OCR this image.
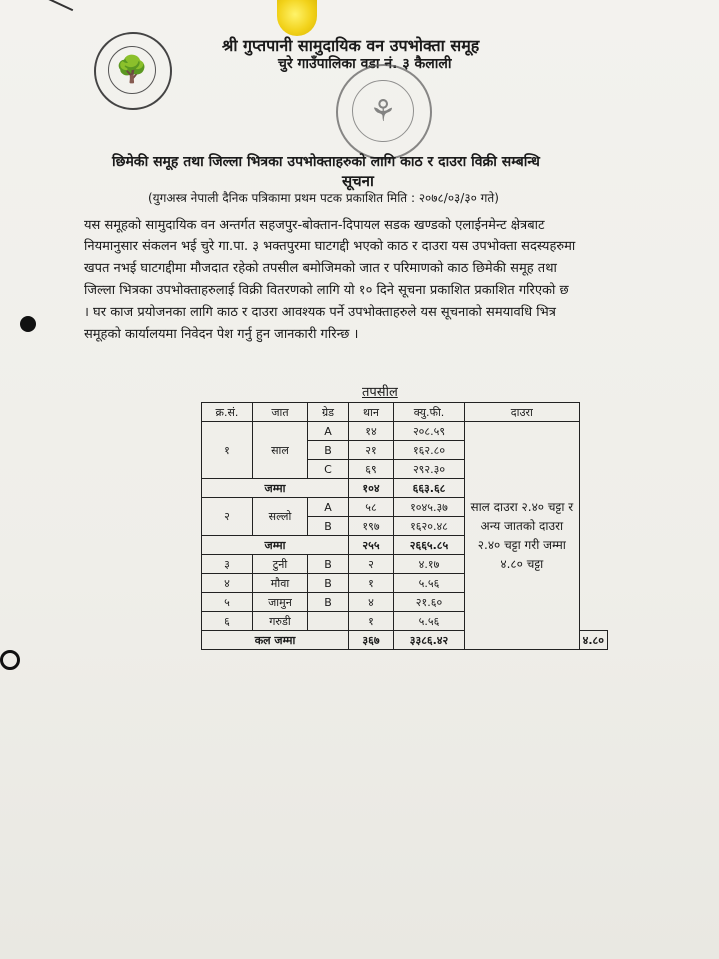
🌳
श्री गुप्तपानी सामुदायिक वन उपभोक्ता समूह
चुरे गाउँपालिका वडा नं. ३ कैलाली
⚘
छिमेकी समूह तथा जिल्ला भित्रका उपभोक्ताहरुको लागि काठ र दाउरा विक्री सम्बन्धि
सूचना
(युगअस्त्र नेपाली दैनिक पत्रिकामा प्रथम पटक प्रकाशित मिति : २०७८/०३/३० गते)
यस समूहको सामुदायिक वन अन्तर्गत सहजपुर-बोक्तान-दिपायल सडक खण्डको एलाईनमेन्ट क्षेत्रबाट
नियमानुसार संकलन भई चुरे गा.पा. ३ भक्तपुरमा घाटगद्दी भएको काठ र दाउरा यस उपभोक्ता सदस्यहरुमा
खपत नभई घाटगद्दीमा मौजदात रहेको तपसील बमोजिमको जात र परिमाणको काठ छिमेकी समूह तथा
जिल्ला भित्रका उपभोक्ताहरुलाई विक्री वितरणको लागि यो १० दिने सूचना प्रकाशित प्रकाशित गरिएको छ
। घर काज प्रयोजनका लागि काठ र दाउरा आवश्यक पर्ने उपभोक्ताहरुले यस सूचनाको समयावधि भित्र
समूहको कार्यालयमा निवेदन पेश गर्नु हुन जानकारी गरिन्छ ।
तपसील
क्र.सं.	जात	ग्रेड	थान	क्यु.फी.	दाउरा	
१	साल	A	१४	२०८.५९	साल दाउरा २.४० चट्टा र अन्य जातको दाउरा २.४० चट्टा गरी जम्मा ४.८० चट्टा	
		B	२१	१६२.८०		
		C	६९	२९२.३०		
जम्मा			१०४	६६३.६८		
२	सल्लो	A	५८	१०४५.३७		
		B	१९७	१६२०.४८		
जम्मा			२५५	२६६५.८५		
३	टुनी	B	२	४.१७		
४	मौवा	B	१	५.५६		
५	जामुन	B	४	२१.६०		
६	गरुडी		१	५.५६		
कल जम्मा			३६७	३३८६.४२		४.८०
